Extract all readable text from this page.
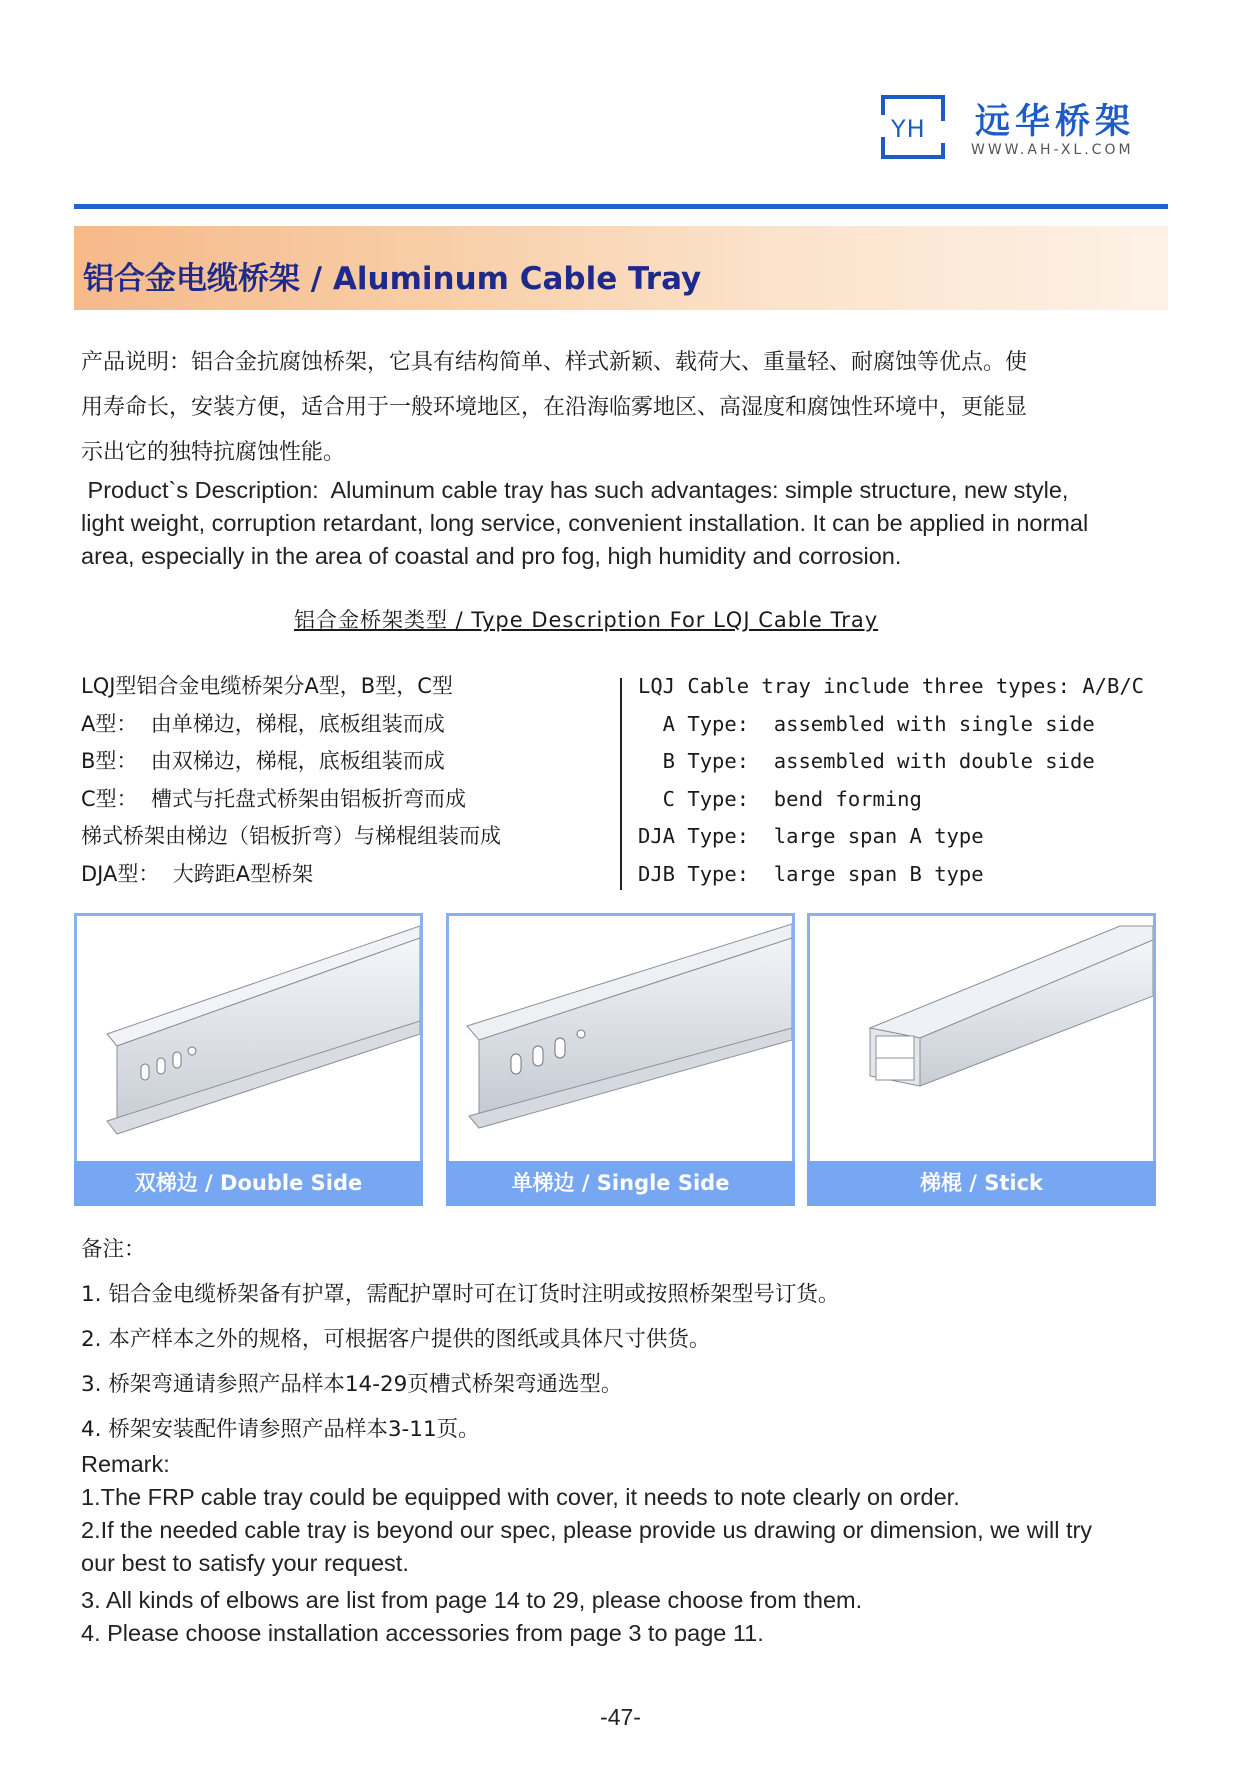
YH 远华桥架
WWW.AH-XL.COM
铝合金电缆桥架 / Aluminum Cable Tray

产品说明：铝合金抗腐蚀桥架，它具有结构简单、样式新颖、载荷大、重量轻、耐腐蚀等优点。使

用寿命长，安装方便，适合用于一般环境地区，在沿海临雾地区、高湿度和腐蚀性环境中，更能显

示出它的独特抗腐蚀性能。

Product`s Description:  Aluminum cable tray has such advantages: simple structure, new style,

light weight, corruption retardant, long service, convenient installation. It can be applied in normal

area, especially in the area of coastal and pro fog, high humidity and corrosion.

铝合金桥架类型 / Type Description For LQJ Cable Tray

LQJ型铝合金电缆桥架分A型，B型，C型

A型：  由单梯边，梯棍，底板组装而成

B型：  由双梯边，梯棍，底板组装而成

C型：  槽式与托盘式桥架由铝板折弯而成

梯式桥架由梯边（铝板折弯）与梯棍组装而成

DJA型：  大跨距A型桥架

LQJ Cable tray include three types: A/B/C

A Type:  assembled with single side

B Type:  assembled with double side

C Type:  bend forming

DJA Type:  large span A type

DJB Type:  large span B type

双梯边 / Double Side	单梯边 / Single Side	梯棍 / Stick

备注：

1. 铝合金电缆桥架备有护罩，需配护罩时可在订货时注明或按照桥架型号订货。

2. 本产样本之外的规格，可根据客户提供的图纸或具体尺寸供货。

3. 桥架弯通请参照产品样本14-29页槽式桥架弯通选型。

4. 桥架安装配件请参照产品样本3-11页。

Remark:

1.The FRP cable tray could be equipped with cover, it needs to note clearly on order.

2.If the needed cable tray is beyond our spec, please provide us drawing or dimension, we will try

our best to satisfy your request.

3. All kinds of elbows are list from page 14 to 29, please choose from them.

4. Please choose installation accessories from page 3 to page 11.

-47-
